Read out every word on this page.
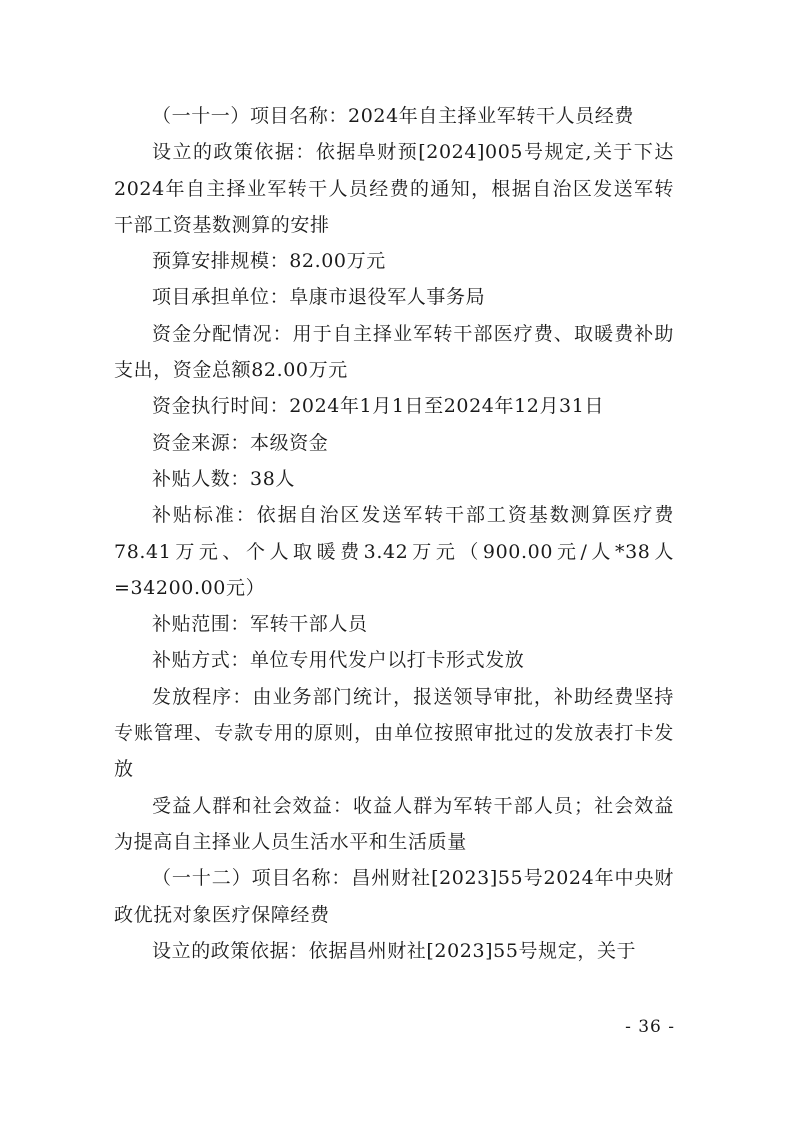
（一十一）项目名称：2024年自主择业军转干人员经费

设立的政策依据：依据阜财预[2024]005号规定,关于下达2024年自主择业军转干人员经费的通知，根据自治区发送军转干部工资基数测算的安排

预算安排规模：82.00万元

项目承担单位：阜康市退役军人事务局

资金分配情况：用于自主择业军转干部医疗费、取暖费补助支出，资金总额82.00万元

资金执行时间：2024年1月1日至2024年12月31日

资金来源：本级资金

补贴人数：38人

补贴标准：依据自治区发送军转干部工资基数测算医疗费78.41万元、个人取暖费3.42万元（900.00元/人*38人=34200.00元）

补贴范围：军转干部人员

补贴方式：单位专用代发户以打卡形式发放

发放程序：由业务部门统计，报送领导审批，补助经费坚持专账管理、专款专用的原则，由单位按照审批过的发放表打卡发放

受益人群和社会效益：收益人群为军转干部人员；社会效益为提高自主择业人员生活水平和生活质量

（一十二）项目名称：昌州财社[2023]55号2024年中央财政优抚对象医疗保障经费

设立的政策依据：依据昌州财社[2023]55号规定，关于

- 36 -
